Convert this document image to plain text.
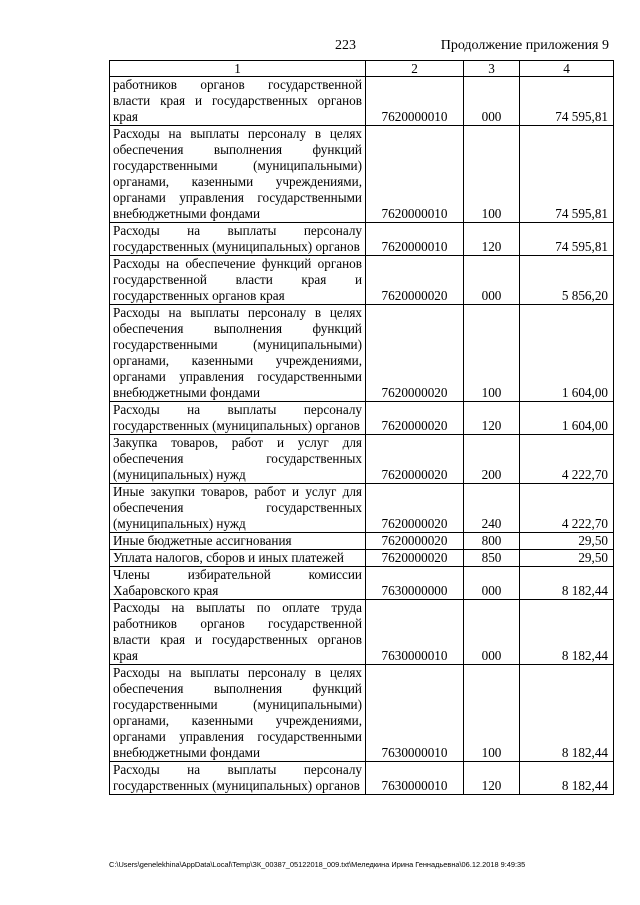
223	Продолжение приложения 9
1	2	3	4
работников органов государственной власти края и государственных органов края	7620000010	000	74 595,81
Расходы на выплаты персоналу в целях обеспечения выполнения функций государственными (муниципальными) органами, казенными учреждениями, органами управления государственными внебюджетными фондами	7620000010	100	74 595,81
Расходы на выплаты персоналу государственных (муниципальных) органов	7620000010	120	74 595,81
Расходы на обеспечение функций органов государственной власти края и государственных органов края	7620000020	000	5 856,20
Расходы на выплаты персоналу в целях обеспечения выполнения функций государственными (муниципальными) органами, казенными учреждениями, органами управления государственными внебюджетными фондами	7620000020	100	1 604,00
Расходы на выплаты персоналу государственных (муниципальных) органов	7620000020	120	1 604,00
Закупка товаров, работ и услуг для обеспечения государственных (муниципальных) нужд	7620000020	200	4 222,70
Иные закупки товаров, работ и услуг для обеспечения государственных (муниципальных) нужд	7620000020	240	4 222,70
Иные бюджетные ассигнования	7620000020	800	29,50
Уплата налогов, сборов и иных платежей	7620000020	850	29,50
Члены избирательной комиссии Хабаровского края	7630000000	000	8 182,44
Расходы на выплаты по оплате труда работников органов государственной власти края и государственных органов края	7630000010	000	8 182,44
Расходы на выплаты персоналу в целях обеспечения выполнения функций государственными (муниципальными) органами, казенными учреждениями, органами управления государственными внебюджетными фондами	7630000010	100	8 182,44
Расходы на выплаты персоналу государственных (муниципальных) органов	7630000010	120	8 182,44
C:\Users\genelekhina\AppData\Local\Temp\ЗК_00387_05122018_009.txt\Меледкина Ирина Геннадьевна\06.12.2018 9:49:35
